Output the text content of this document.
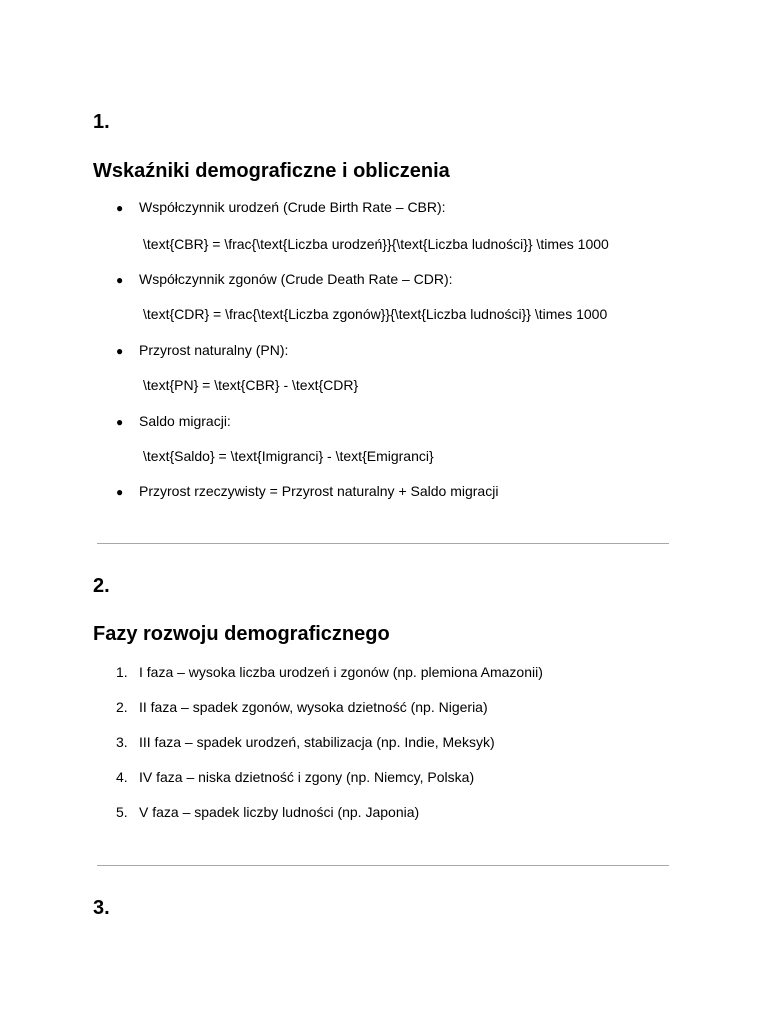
1.
Wskaźniki demograficzne i obliczenia
● Współczynnik urodzeń (Crude Birth Rate – CBR):
\text{CBR} = \frac{\text{Liczba urodzeń}}{\text{Liczba ludności}} \times 1000
● Współczynnik zgonów (Crude Death Rate – CDR):
\text{CDR} = \frac{\text{Liczba zgonów}}{\text{Liczba ludności}} \times 1000
● Przyrost naturalny (PN):
\text{PN} = \text{CBR} - \text{CDR}
● Saldo migracji:
\text{Saldo} = \text{Imigranci} - \text{Emigranci}
● Przyrost rzeczywisty = Przyrost naturalny + Saldo migracji
2.
Fazy rozwoju demograficznego
1. I faza – wysoka liczba urodzeń i zgonów (np. plemiona Amazonii)
2. II faza – spadek zgonów, wysoka dzietność (np. Nigeria)
3. III faza – spadek urodzeń, stabilizacja (np. Indie, Meksyk)
4. IV faza – niska dzietność i zgony (np. Niemcy, Polska)
5. V faza – spadek liczby ludności (np. Japonia)
3.
